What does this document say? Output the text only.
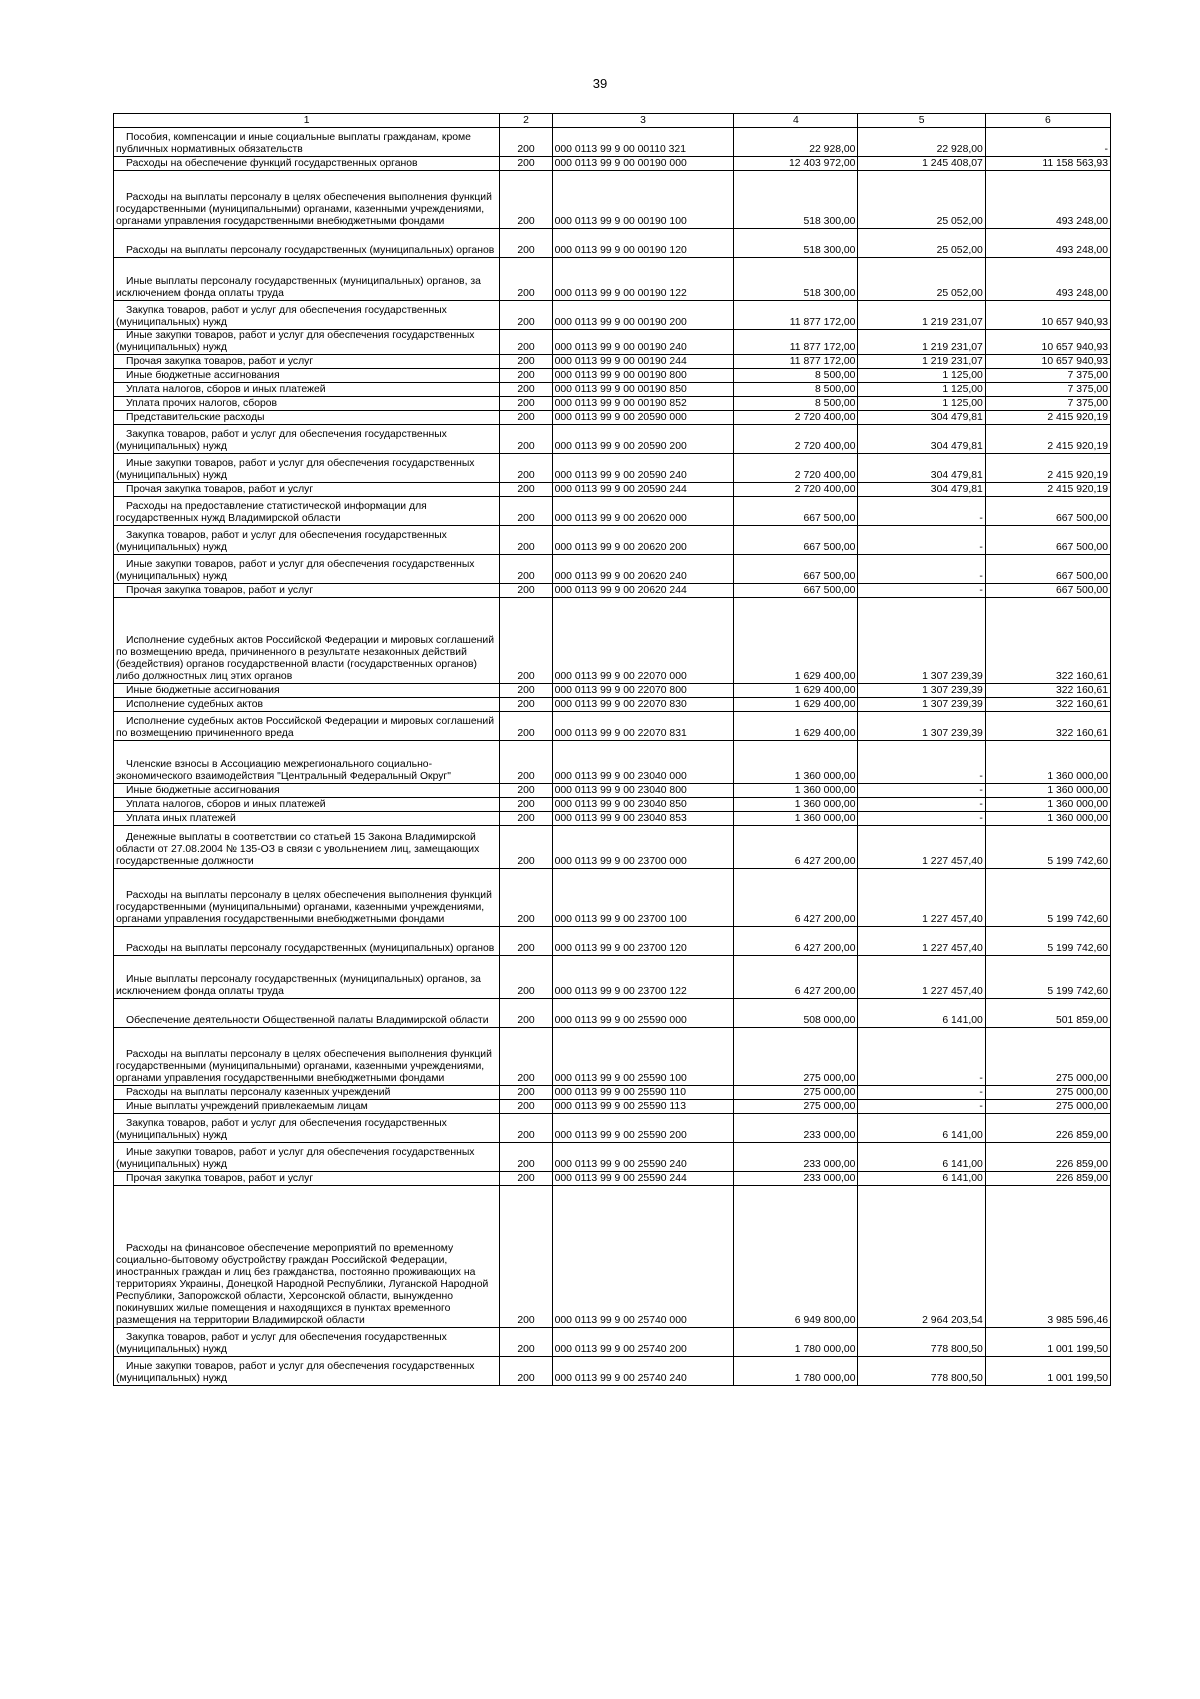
39
1	2	3	4	5	6
Пособия, компенсации и иные социальные выплаты гражданам, кроме публичных нормативных обязательств	200	000 0113 99 9 00 00110 321	22 928,00	22 928,00	-
Расходы на обеспечение функций государственных органов	200	000 0113 99 9 00 00190 000	12 403 972,00	1 245 408,07	11 158 563,93
Расходы на выплаты персоналу в целях обеспечения выполнения функций государственными (муниципальными) органами, казенными учреждениями, органами управления государственными внебюджетными фондами	200	000 0113 99 9 00 00190 100	518 300,00	25 052,00	493 248,00
Расходы на выплаты персоналу государственных (муниципальных) органов	200	000 0113 99 9 00 00190 120	518 300,00	25 052,00	493 248,00
Иные выплаты персоналу государственных (муниципальных) органов, за исключением фонда оплаты труда	200	000 0113 99 9 00 00190 122	518 300,00	25 052,00	493 248,00
Закупка товаров, работ и услуг для обеспечения государственных (муниципальных) нужд	200	000 0113 99 9 00 00190 200	11 877 172,00	1 219 231,07	10 657 940,93
Иные закупки товаров, работ и услуг для обеспечения государственных (муниципальных) нужд	200	000 0113 99 9 00 00190 240	11 877 172,00	1 219 231,07	10 657 940,93
Прочая закупка товаров, работ и услуг	200	000 0113 99 9 00 00190 244	11 877 172,00	1 219 231,07	10 657 940,93
Иные бюджетные ассигнования	200	000 0113 99 9 00 00190 800	8 500,00	1 125,00	7 375,00
Уплата налогов, сборов и иных платежей	200	000 0113 99 9 00 00190 850	8 500,00	1 125,00	7 375,00
Уплата прочих налогов, сборов	200	000 0113 99 9 00 00190 852	8 500,00	1 125,00	7 375,00
Представительские расходы	200	000 0113 99 9 00 20590 000	2 720 400,00	304 479,81	2 415 920,19
Закупка товаров, работ и услуг для обеспечения государственных (муниципальных) нужд	200	000 0113 99 9 00 20590 200	2 720 400,00	304 479,81	2 415 920,19
Иные закупки товаров, работ и услуг для обеспечения государственных (муниципальных) нужд	200	000 0113 99 9 00 20590 240	2 720 400,00	304 479,81	2 415 920,19
Прочая закупка товаров, работ и услуг	200	000 0113 99 9 00 20590 244	2 720 400,00	304 479,81	2 415 920,19
Расходы на предоставление статистической информации для государственных нужд Владимирской области	200	000 0113 99 9 00 20620 000	667 500,00	-	667 500,00
Закупка товаров, работ и услуг для обеспечения государственных (муниципальных) нужд	200	000 0113 99 9 00 20620 200	667 500,00	-	667 500,00
Иные закупки товаров, работ и услуг для обеспечения государственных (муниципальных) нужд	200	000 0113 99 9 00 20620 240	667 500,00	-	667 500,00
Прочая закупка товаров, работ и услуг	200	000 0113 99 9 00 20620 244	667 500,00	-	667 500,00
Исполнение судебных актов Российской Федерации и мировых соглашений по возмещению вреда, причиненного в результате незаконных действий (бездействия) органов государственной власти (государственных органов) либо должностных лиц этих органов	200	000 0113 99 9 00 22070 000	1 629 400,00	1 307 239,39	322 160,61
Иные бюджетные ассигнования	200	000 0113 99 9 00 22070 800	1 629 400,00	1 307 239,39	322 160,61
Исполнение судебных актов	200	000 0113 99 9 00 22070 830	1 629 400,00	1 307 239,39	322 160,61
Исполнение судебных актов Российской Федерации и мировых соглашений по возмещению причиненного вреда	200	000 0113 99 9 00 22070 831	1 629 400,00	1 307 239,39	322 160,61
Членские взносы в Ассоциацию межрегионального социально-экономического взаимодействия "Центральный Федеральный Округ"	200	000 0113 99 9 00 23040 000	1 360 000,00	-	1 360 000,00
Иные бюджетные ассигнования	200	000 0113 99 9 00 23040 800	1 360 000,00	-	1 360 000,00
Уплата налогов, сборов и иных платежей	200	000 0113 99 9 00 23040 850	1 360 000,00	-	1 360 000,00
Уплата иных платежей	200	000 0113 99 9 00 23040 853	1 360 000,00	-	1 360 000,00
Денежные выплаты в соответствии со статьей 15 Закона Владимирской области от 27.08.2004 № 135-ОЗ в связи с увольнением лиц, замещающих государственные должности	200	000 0113 99 9 00 23700 000	6 427 200,00	1 227 457,40	5 199 742,60
Расходы на выплаты персоналу в целях обеспечения выполнения функций государственными (муниципальными) органами, казенными учреждениями, органами управления государственными внебюджетными фондами	200	000 0113 99 9 00 23700 100	6 427 200,00	1 227 457,40	5 199 742,60
Расходы на выплаты персоналу государственных (муниципальных) органов	200	000 0113 99 9 00 23700 120	6 427 200,00	1 227 457,40	5 199 742,60
Иные выплаты персоналу государственных (муниципальных) органов, за исключением фонда оплаты труда	200	000 0113 99 9 00 23700 122	6 427 200,00	1 227 457,40	5 199 742,60
Обеспечение деятельности Общественной палаты Владимирской области	200	000 0113 99 9 00 25590 000	508 000,00	6 141,00	501 859,00
Расходы на выплаты персоналу в целях обеспечения выполнения функций государственными (муниципальными) органами, казенными учреждениями, органами управления государственными внебюджетными фондами	200	000 0113 99 9 00 25590 100	275 000,00	-	275 000,00
Расходы на выплаты персоналу казенных учреждений	200	000 0113 99 9 00 25590 110	275 000,00	-	275 000,00
Иные выплаты учреждений привлекаемым лицам	200	000 0113 99 9 00 25590 113	275 000,00	-	275 000,00
Закупка товаров, работ и услуг для обеспечения государственных (муниципальных) нужд	200	000 0113 99 9 00 25590 200	233 000,00	6 141,00	226 859,00
Иные закупки товаров, работ и услуг для обеспечения государственных (муниципальных) нужд	200	000 0113 99 9 00 25590 240	233 000,00	6 141,00	226 859,00
Прочая закупка товаров, работ и услуг	200	000 0113 99 9 00 25590 244	233 000,00	6 141,00	226 859,00
Расходы на финансовое обеспечение мероприятий по временному социально-бытовому обустройству граждан Российской Федерации, иностранных граждан и лиц без гражданства, постоянно проживающих на территориях Украины, Донецкой Народной Республики, Луганской Народной Республики, Запорожской области, Херсонской области, вынужденно покинувших жилые помещения и находящихся в пунктах временного размещения на территории Владимирской области	200	000 0113 99 9 00 25740 000	6 949 800,00	2 964 203,54	3 985 596,46
Закупка товаров, работ и услуг для обеспечения государственных (муниципальных) нужд	200	000 0113 99 9 00 25740 200	1 780 000,00	778 800,50	1 001 199,50
Иные закупки товаров, работ и услуг для обеспечения государственных (муниципальных) нужд	200	000 0113 99 9 00 25740 240	1 780 000,00	778 800,50	1 001 199,50
